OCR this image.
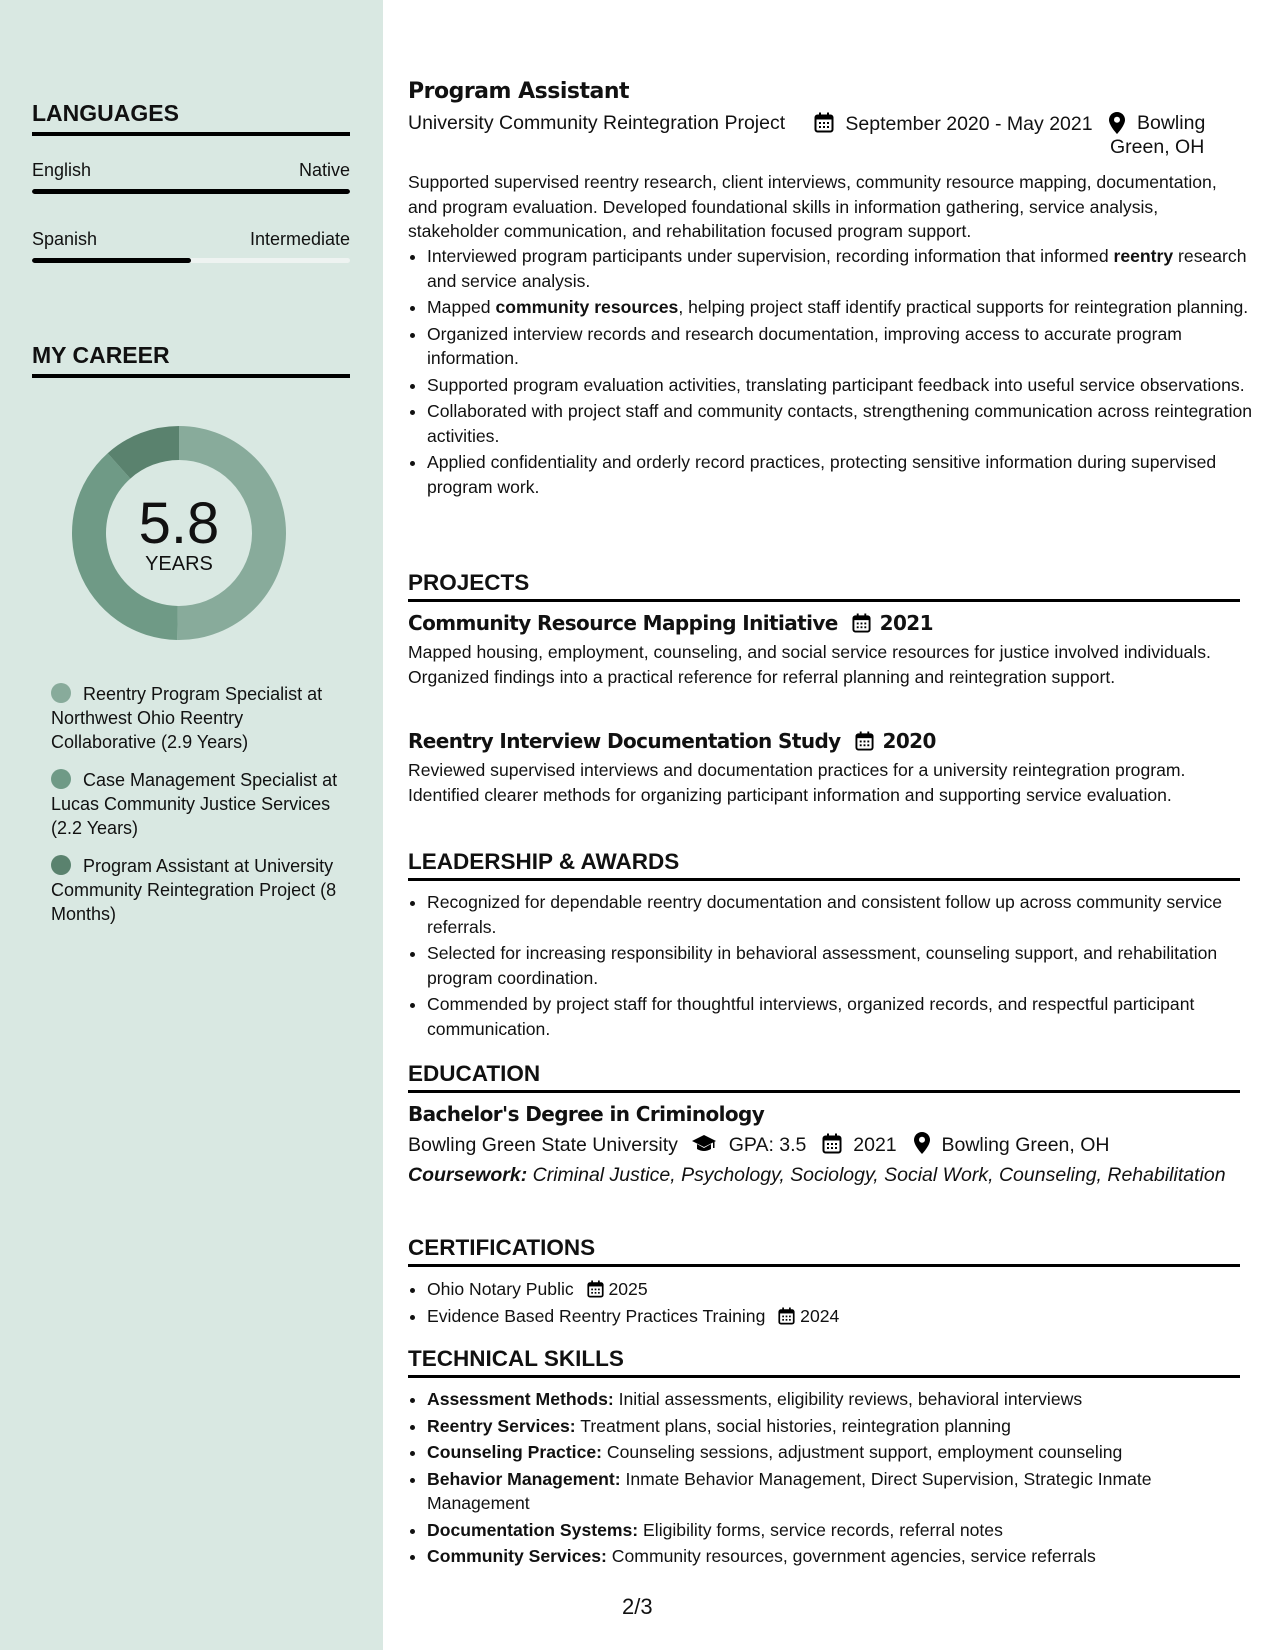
LANGUAGES
English	Native
Spanish	Intermediate
MY CAREER
5.8
YEARS
Reentry Program Specialist at Northwest Ohio Reentry Collaborative (2.9 Years)
Case Management Specialist at Lucas Community Justice Services (2.2 Years)
Program Assistant at University Community Reintegration Project (8 Months)
Program Assistant
University Community Reintegration Project	September 2020 - May 2021 Bowling
Green, OH
Supported supervised reentry research, client interviews, community resource mapping, documentation, and program evaluation. Developed foundational skills in information gathering, service analysis, stakeholder communication, and rehabilitation focused program support.
• Interviewed program participants under supervision, recording information that informed reentry research and service analysis.
• Mapped community resources, helping project staff identify practical supports for reintegration planning.
• Organized interview records and research documentation, improving access to accurate program information.
• Supported program evaluation activities, translating participant feedback into useful service observations.
• Collaborated with project staff and community contacts, strengthening communication across reintegration activities.
• Applied confidentiality and orderly record practices, protecting sensitive information during supervised program work.
PROJECTS
Community Resource Mapping Initiative 2021
Mapped housing, employment, counseling, and social service resources for justice involved individuals. Organized findings into a practical reference for referral planning and reintegration support.
Reentry Interview Documentation Study 2020
Reviewed supervised interviews and documentation practices for a university reintegration program. Identified clearer methods for organizing participant information and supporting service evaluation.
LEADERSHIP & AWARDS
• Recognized for dependable reentry documentation and consistent follow up across community service referrals.
• Selected for increasing responsibility in behavioral assessment, counseling support, and rehabilitation program coordination.
• Commended by project staff for thoughtful interviews, organized records, and respectful participant communication.
EDUCATION
Bachelor's Degree in Criminology
Bowling Green State University	GPA: 3.5 2021 Bowling Green, OH
Coursework: Criminal Justice, Psychology, Sociology, Social Work, Counseling, Rehabilitation
CERTIFICATIONS
• Ohio Notary Public 2025
• Evidence Based Reentry Practices Training 2024
TECHNICAL SKILLS
• Assessment Methods: Initial assessments, eligibility reviews, behavioral interviews
• Reentry Services: Treatment plans, social histories, reintegration planning
• Counseling Practice: Counseling sessions, adjustment support, employment counseling
• Behavior Management: Inmate Behavior Management, Direct Supervision, Strategic Inmate Management
• Documentation Systems: Eligibility forms, service records, referral notes
• Community Services: Community resources, government agencies, service referrals
2/3
